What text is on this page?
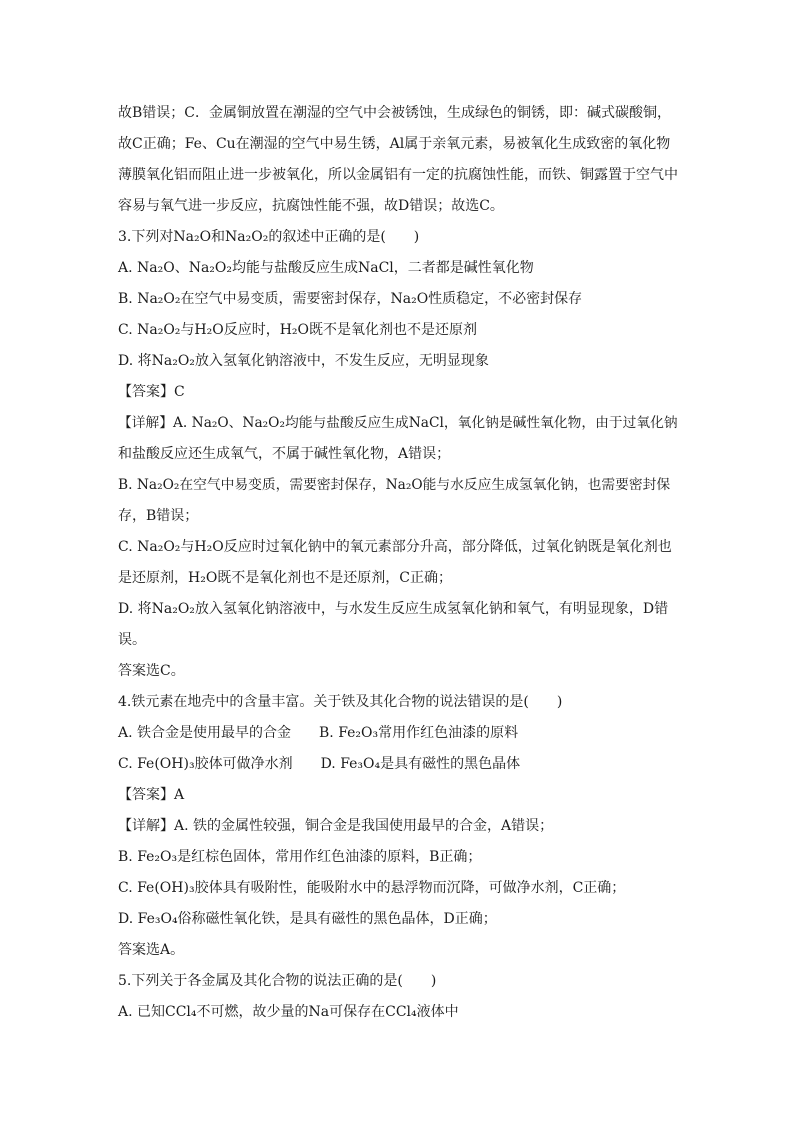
故B错误；C．金属铜放置在潮湿的空气中会被锈蚀，生成绿色的铜锈，即：碱式碳酸铜，
故C正确；Fe、Cu在潮湿的空气中易生锈，Al属于亲氧元素，易被氧化生成致密的氧化物
薄膜氧化铝而阻止进一步被氧化，所以金属铝有一定的抗腐蚀性能，而铁、铜露置于空气中
容易与氧气进一步反应，抗腐蚀性能不强，故D错误；故选C。
3.下列对Na₂O和Na₂O₂的叙述中正确的是(　　)
A. Na₂O、Na₂O₂均能与盐酸反应生成NaCl，二者都是碱性氧化物
B. Na₂O₂在空气中易变质，需要密封保存，Na₂O性质稳定，不必密封保存
C. Na₂O₂与H₂O反应时，H₂O既不是氧化剂也不是还原剂
D. 将Na₂O₂放入氢氧化钠溶液中，不发生反应，无明显现象
【答案】C
【详解】A. Na₂O、Na₂O₂均能与盐酸反应生成NaCl，氧化钠是碱性氧化物，由于过氧化钠
和盐酸反应还生成氧气，不属于碱性氧化物，A错误；
B. Na₂O₂在空气中易变质，需要密封保存，Na₂O能与水反应生成氢氧化钠，也需要密封保
存，B错误；
C. Na₂O₂与H₂O反应时过氧化钠中的氧元素部分升高，部分降低，过氧化钠既是氧化剂也
是还原剂，H₂O既不是氧化剂也不是还原剂，C正确；
D. 将Na₂O₂放入氢氧化钠溶液中，与水发生反应生成氢氧化钠和氧气，有明显现象，D错
误。
答案选C。
4.铁元素在地壳中的含量丰富。关于铁及其化合物的说法错误的是(　　)
A. 铁合金是使用最早的合金　　B. Fe₂O₃常用作红色油漆的原料
C. Fe(OH)₃胶体可做净水剂　　D. Fe₃O₄是具有磁性的黑色晶体
【答案】A
【详解】A. 铁的金属性较强，铜合金是我国使用最早的合金，A错误；
B. Fe₂O₃是红棕色固体，常用作红色油漆的原料，B正确；
C. Fe(OH)₃胶体具有吸附性，能吸附水中的悬浮物而沉降，可做净水剂，C正确；
D. Fe₃O₄俗称磁性氧化铁，是具有磁性的黑色晶体，D正确；
答案选A。
5.下列关于各金属及其化合物的说法正确的是(　　)
A. 已知CCl₄不可燃，故少量的Na可保存在CCl₄液体中
